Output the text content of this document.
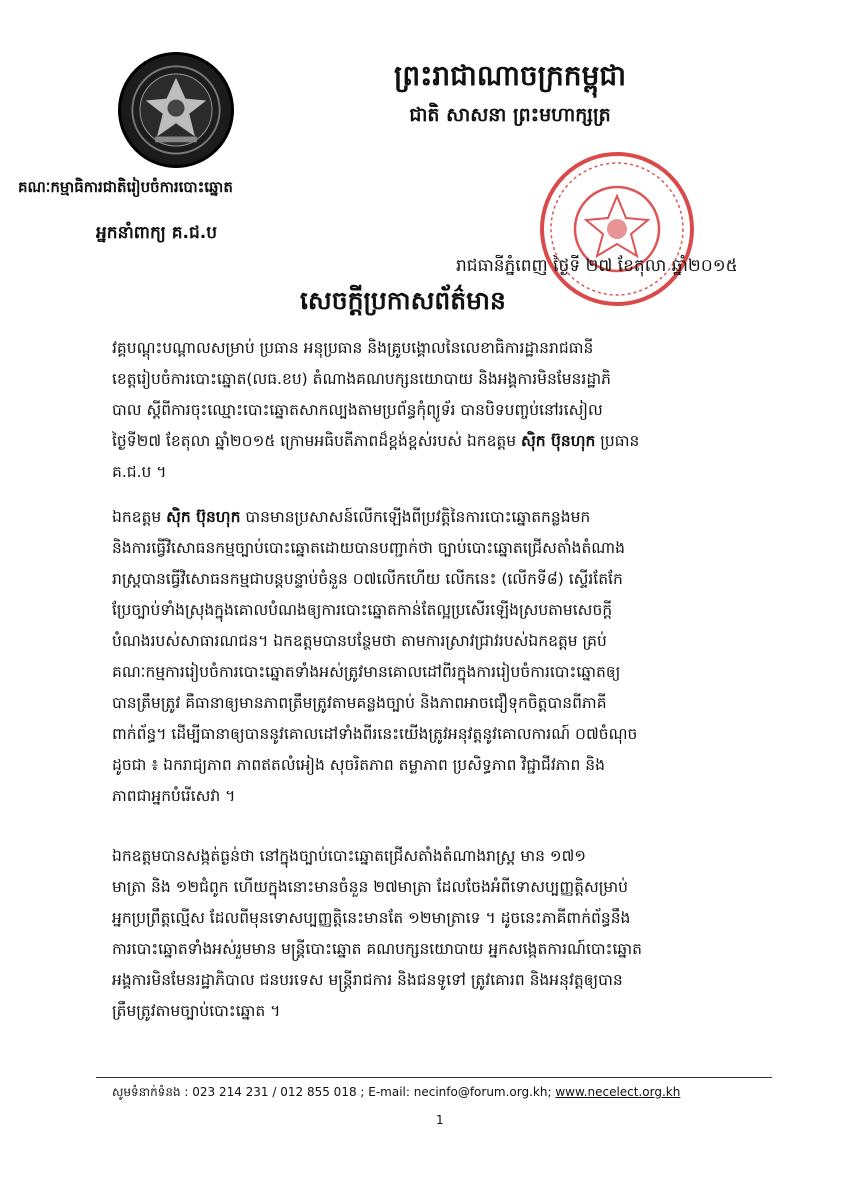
គណៈកម្មាធិការជាតិរៀបចំការបោះឆ្នោត
អ្នកនាំពាក្យ គ.ជ.ប
ព្រះរាជាណាចក្រកម្ពុជា
ជាតិ សាសនា ព្រះមហាក្សត្រ
រាជធានីភ្នំពេញ ថ្ងៃទី ២៧ ខែតុលា ឆ្នាំ២០១៥
សេចក្តីប្រកាសព័ត៌មាន
វគ្គបណ្តុះបណ្តាលសម្រាប់ ប្រធាន អនុប្រធាន និងគ្រូបង្គោលនៃលេខាធិការដ្ឋានរាជធានី
ខេត្តរៀបចំការបោះឆ្នោត(លធ.ខប) តំណាងគណបក្សនយោបាយ និងអង្គការមិនមែនរដ្ឋាភិ
បាល ស្តីពីការចុះឈ្មោះបោះឆ្នោតសាកល្បងតាមប្រព័ន្ធកុំព្យូទ័រ បានបិទបញ្ចប់នៅរសៀល
ថ្ងៃទី២៧ ខែតុលា ឆ្នាំ២០១៥ ក្រោមអធិបតីភាពដ៏ខ្ពង់ខ្ពស់របស់ ឯកឧត្តម ស៊ិក ប៊ុនហុក ប្រធាន
គ.ជ.ប ។
ឯកឧត្តម ស៊ិក ប៊ុនហុក បានមានប្រសាសន៍លើកឡើងពីប្រវត្តិនៃការបោះឆ្នោតកន្លងមក
និងការធ្វើវិសោធនកម្មច្បាប់បោះឆ្នោតដោយបានបញ្ជាក់ថា ច្បាប់បោះឆ្នោតជ្រើសតាំងតំណាង
រាស្ត្របានធ្វើវិសោធនកម្មជាបន្តបន្ទាប់ចំនួន ០៧លើកហើយ លើកនេះ (លើកទី៨) ស្ទើរតែកែ
ប្រែច្បាប់ទាំងស្រុងក្នុងគោលបំណងឲ្យការបោះឆ្នោតកាន់តែល្អប្រសើរឡើងស្របតាមសេចក្តី
បំណងរបស់សាធារណជន។ ឯកឧត្តមបានបន្ថែមថា តាមការស្រាវជ្រាវរបស់ឯកឧត្តម គ្រប់
គណៈកម្មការរៀបចំការបោះឆ្នោតទាំងអស់ត្រូវមានគោលដៅពីរក្នុងការរៀបចំការបោះឆ្នោតឲ្យ
បានត្រឹមត្រូវ គឺធានាឲ្យមានភាពត្រឹមត្រូវតាមគន្លងច្បាប់ និងភាពអាចជឿទុកចិត្តបានពីភាគី
ពាក់ព័ន្ធ។ ដើម្បីធានាឲ្យបាននូវគោលដៅទាំងពីរនេះយើងត្រូវអនុវត្តនូវគោលការណ៍ ០៧ចំណុច
ដូចជា ៖ ឯករាជ្យភាព ភាពឥតលំអៀង សុចរិតភាព តម្លាភាព ប្រសិទ្ធភាព វិជ្ជាជីវភាព និង
ភាពជាអ្នកបំរើសេវា ។
ឯកឧត្តមបានសង្កត់ធ្ងន់ថា នៅក្នុងច្បាប់បោះឆ្នោតជ្រើសតាំងតំណាងរាស្ត្រ មាន ១៧១
មាត្រា និង ១២ជំពូក ហើយក្នុងនោះមានចំនួន ២៧មាត្រា ដែលចែងអំពីទោសប្បញ្ញត្តិសម្រាប់
អ្នកប្រព្រឹត្តល្មើស ដែលពីមុនទោសប្បញ្ញត្តិនេះមានតែ ១២មាត្រាទេ ។ ដូចនេះភាគីពាក់ព័ន្ធនឹង
ការបោះឆ្នោតទាំងអស់រួមមាន មន្ត្រីបោះឆ្នោត គណបក្សនយោបាយ អ្នកសង្កេតការណ៍បោះឆ្នោត
អង្គការមិនមែនរដ្ឋាភិបាល ជនបរទេស មន្ត្រីរាជការ និងជនទូទៅ ត្រូវគោរព និងអនុវត្តឲ្យបាន
ត្រឹមត្រូវតាមច្បាប់បោះឆ្នោត ។
សូមទំនាក់ទំនង : 023 214 231 / 012 855 018 ; E-mail: necinfo@forum.org.kh; www.necelect.org.kh
1
